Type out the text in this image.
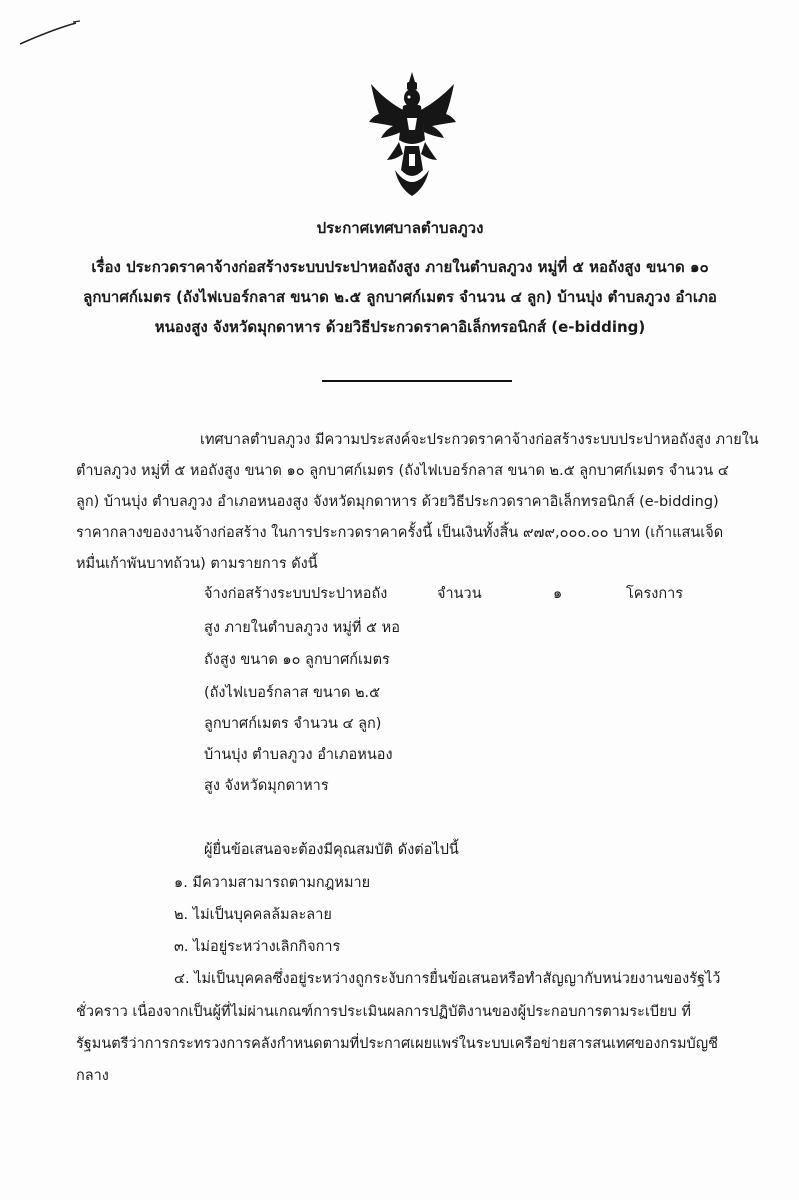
ประกาศเทศบาลตำบลภูวง
เรื่อง ประกวดราคาจ้างก่อสร้างระบบประปาหอถังสูง ภายในตำบลภูวง หมู่ที่ ๕ หอถังสูง ขนาด ๑๐
ลูกบาศก์เมตร (ถังไฟเบอร์กลาส ขนาด ๒.๕ ลูกบาศก์เมตร จำนวน ๔ ลูก) บ้านบุ่ง ตำบลภูวง อำเภอ
หนองสูง จังหวัดมุกดาหาร ด้วยวิธีประกวดราคาอิเล็กทรอนิกส์ (e-bidding)
เทศบาลตำบลภูวง มีความประสงค์จะประกวดราคาจ้างก่อสร้างระบบประปาหอถังสูง ภายใน
ตำบลภูวง หมู่ที่ ๕ หอถังสูง ขนาด ๑๐ ลูกบาศก์เมตร (ถังไฟเบอร์กลาส ขนาด ๒.๕ ลูกบาศก์เมตร จำนวน ๔
ลูก) บ้านบุ่ง ตำบลภูวง อำเภอหนองสูง จังหวัดมุกดาหาร ด้วยวิธีประกวดราคาอิเล็กทรอนิกส์ (e-bidding)
ราคากลางของงานจ้างก่อสร้าง ในการประกวดราคาครั้งนี้ เป็นเงินทั้งสิ้น ๙๗๙,๐๐๐.๐๐ บาท (เก้าแสนเจ็ด
หมื่นเก้าพันบาทถ้วน) ตามรายการ ดังนี้
จ้างก่อสร้างระบบประปาหอถัง
สูง ภายในตำบลภูวง หมู่ที่ ๕ หอ
ถังสูง ขนาด ๑๐ ลูกบาศก์เมตร
(ถังไฟเบอร์กลาส ขนาด ๒.๕
ลูกบาศก์เมตร จำนวน ๔ ลูก)
บ้านบุ่ง ตำบลภูวง อำเภอหนอง
สูง จังหวัดมุกดาหาร
จำนวน	๑	โครงการ
ผู้ยื่นข้อเสนอจะต้องมีคุณสมบัติ ดังต่อไปนี้
๑. มีความสามารถตามกฎหมาย
๒. ไม่เป็นบุคคลล้มละลาย
๓. ไม่อยู่ระหว่างเลิกกิจการ
๔. ไม่เป็นบุคคลซึ่งอยู่ระหว่างถูกระงับการยื่นข้อเสนอหรือทำสัญญากับหน่วยงานของรัฐไว้
ชั่วคราว เนื่องจากเป็นผู้ที่ไม่ผ่านเกณฑ์การประเมินผลการปฏิบัติงานของผู้ประกอบการตามระเบียบ ที่
รัฐมนตรีว่าการกระทรวงการคลังกำหนดตามที่ประกาศเผยแพร่ในระบบเครือข่ายสารสนเทศของกรมบัญชี
กลาง
